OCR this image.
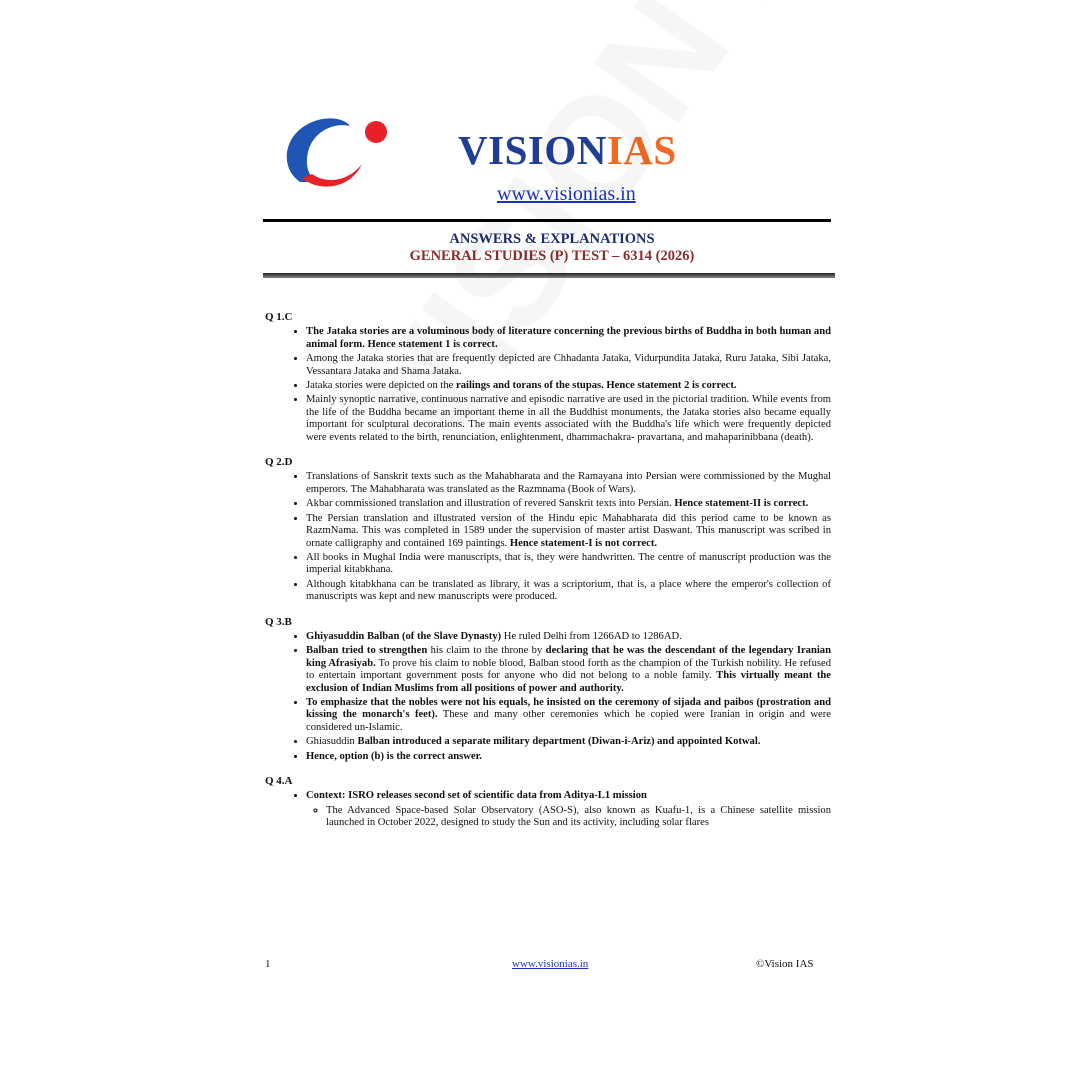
VISIONIAS
www.visionias.in
ANSWERS & EXPLANATIONS
GENERAL STUDIES (P) TEST – 6314 (2026)
Q 1.C
• The Jataka stories are a voluminous body of literature concerning the previous births of Buddha in both human and animal form. Hence statement 1 is correct.
• Among the Jataka stories that are frequently depicted are Chhadanta Jataka, Vidurpundita Jataka, Ruru Jataka, Sibi Jataka, Vessantara Jataka and Shama Jataka.
• Jataka stories were depicted on the railings and torans of the stupas. Hence statement 2 is correct.
• Mainly synoptic narrative, continuous narrative and episodic narrative are used in the pictorial tradition. While events from the life of the Buddha became an important theme in all the Buddhist monuments, the Jataka stories also became equally important for sculptural decorations. The main events associated with the Buddha's life which were frequently depicted were events related to the birth, renunciation, enlightenment, dhammachakra- pravartana, and mahaparinibbana (death).
Q 2.D
• Translations of Sanskrit texts such as the Mahabharata and the Ramayana into Persian were commissioned by the Mughal emperors. The Mahabharata was translated as the Razmnama (Book of Wars).
• Akbar commissioned translation and illustration of revered Sanskrit texts into Persian. Hence statement-II is correct.
• The Persian translation and illustrated version of the Hindu epic Mahabharata did this period came to be known as RazmNama. This was completed in 1589 under the supervision of master artist Daswant. This manuscript was scribed in ornate calligraphy and contained 169 paintings. Hence statement-I is not correct.
• All books in Mughal India were manuscripts, that is, they were handwritten. The centre of manuscript production was the imperial kitabkhana.
• Although kitabkhana can be translated as library, it was a scriptorium, that is, a place where the emperor's collection of manuscripts was kept and new manuscripts were produced.
Q 3.B
• Ghiyasuddin Balban (of the Slave Dynasty) He ruled Delhi from 1266AD to 1286AD.
• Balban tried to strengthen his claim to the throne by declaring that he was the descendant of the legendary Iranian king Afrasiyab. To prove his claim to noble blood, Balban stood forth as the champion of the Turkish nobility. He refused to entertain important government posts for anyone who did not belong to a noble family. This virtually meant the exclusion of Indian Muslims from all positions of power and authority.
• To emphasize that the nobles were not his equals, he insisted on the ceremony of sijada and paibos (prostration and kissing the monarch's feet). These and many other ceremonies which he copied were Iranian in origin and were considered un-Islamic.
• Ghiasuddin Balban introduced a separate military department (Diwan-i-Ariz) and appointed Kotwal.
• Hence, option (b) is the correct answer.
Q 4.A
• Context: ISRO releases second set of scientific data from Aditya-L1 mission
◦ The Advanced Space-based Solar Observatory (ASO-S), also known as Kuafu-1, is a Chinese satellite mission launched in October 2022, designed to study the Sun and its activity, including solar flares
1	www.visionias.in	©Vision IAS
